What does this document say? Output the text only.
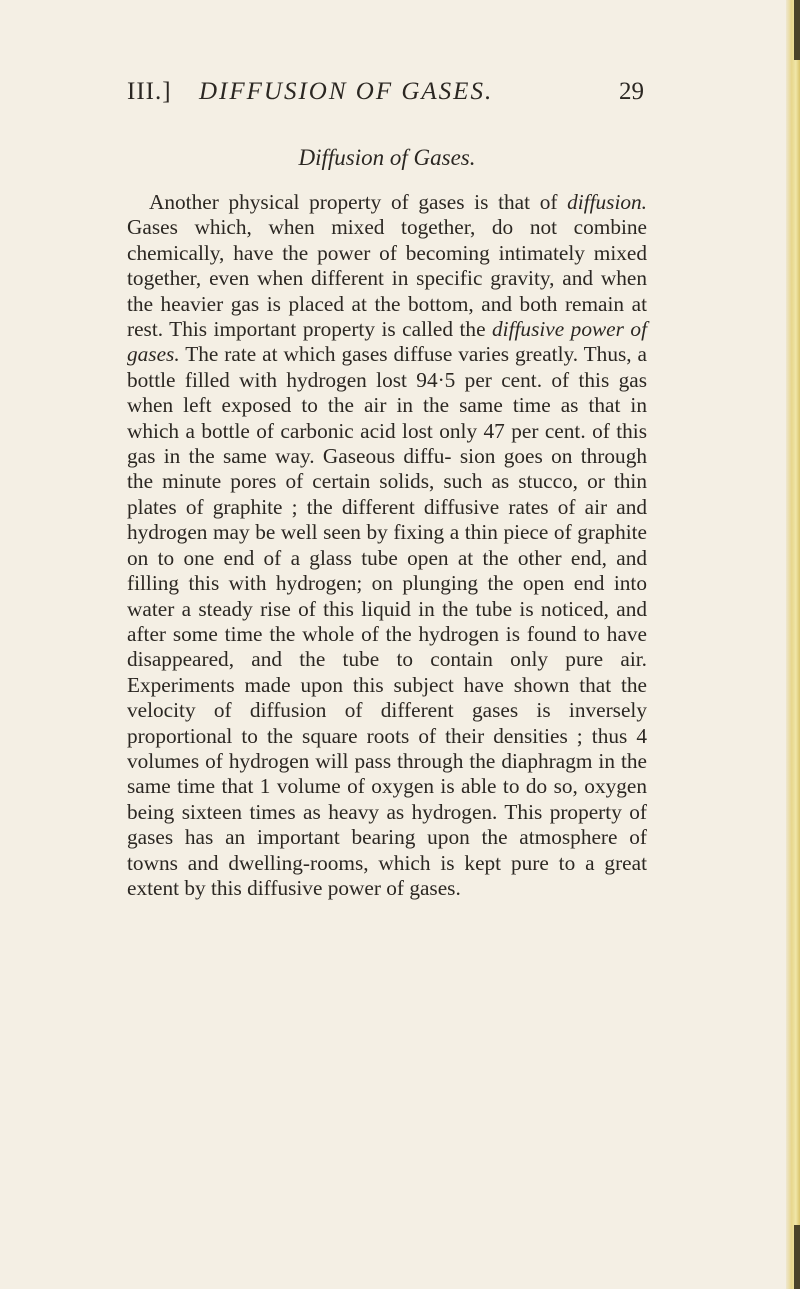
III.] DIFFUSION OF GASES.	29
Diffusion of Gases.

Another physical property of gases is that of diffusion. Gases which, when mixed together, do not combine chemically, have the power of becoming intimately mixed together, even when different in specific gravity, and when the heavier gas is placed at the bottom, and both remain at rest. This important property is called the diffusive power of gases. The rate at which gases diffuse varies greatly. Thus, a bottle filled with hydrogen lost 94·5 per cent. of this gas when left exposed to the air in the same time as that in which a bottle of carbonic acid lost only 47 per cent. of this gas in the same way. Gaseous diffu- sion goes on through the minute pores of certain solids, such as stucco, or thin plates of graphite ; the different diffusive rates of air and hydrogen may be well seen by fixing a thin piece of graphite on to one end of a glass tube open at the other end, and filling this with hydrogen; on plunging the open end into water a steady rise of this liquid in the tube is noticed, and after some time the whole of the hydrogen is found to have disappeared, and the tube to contain only pure air. Experiments made upon this subject have shown that the velocity of diffusion of different gases is inversely proportional to the square roots of their densities ; thus 4 volumes of hydrogen will pass through the diaphragm in the same time that 1 volume of oxygen is able to do so, oxygen being sixteen times as heavy as hydrogen. This property of gases has an important bearing upon the atmosphere of towns and dwelling-rooms, which is kept pure to a great extent by this diffusive power of gases.
